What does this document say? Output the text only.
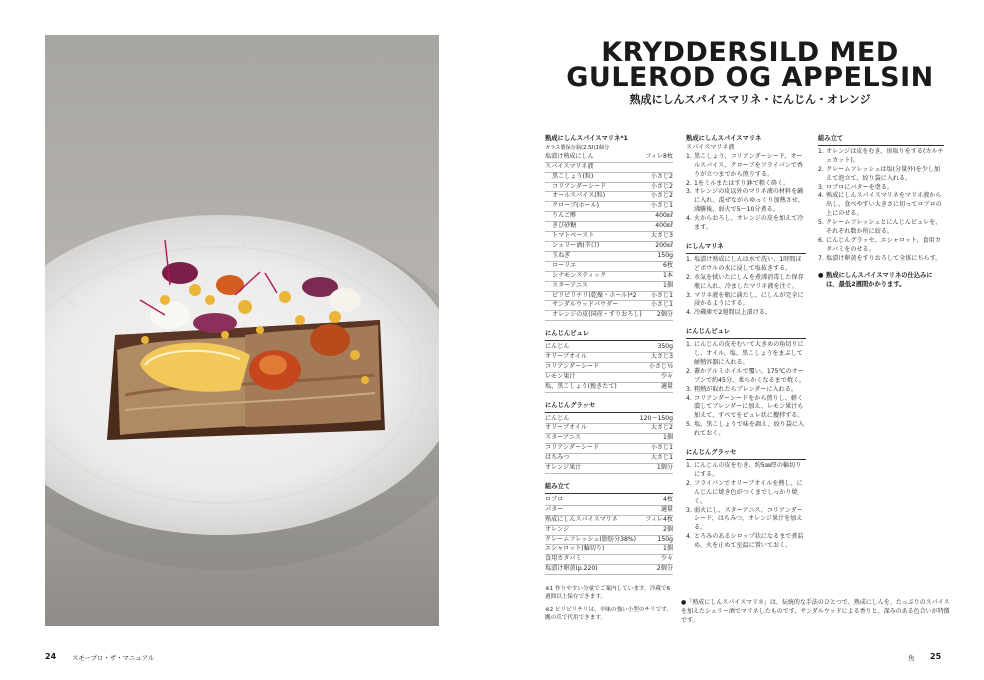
KRYDDERSILD MED
GULEROD OG APPELSIN
熟成にしんスパイスマリネ・にんじん・オレンジ
熟成にしんスパイスマリネ*1
ガラス製保存瓶(2.5ℓ)1個分
塩漬け熟成にしん	フィレ8枚
スパイスマリネ液
黒こしょう(粒)	小さじ2
コリアンダーシード	小さじ2
オールスパイス(粒)	小さじ2
クローブ(ホール)	小さじ1
りんご酢	400㎖
きび砂糖	400㎖
トマトペースト	大さじ3
シェリー酒(辛口)	200㎖
玉ねぎ	150g
ローリエ	6枚
シナモンスティック	1本
スターアニス	1個
ピリピリチリ(乾燥・ホール)*2 小さじ1
サンダルウッドパウダー	小さじ1
オレンジの皮(国産・すりおろし) 2個分
にんじんピュレ
にんじん	350g
オリーブオイル	大さじ3
コリアンダーシード	小さじ½
レモン果汁	少々
塩、黒こしょう(挽きたて)	適量
にんじんグラッセ
にんじん	120〜150g
オリーブオイル	大さじ2
スターアニス	1個
コリアンダーシード	小さじ1
はちみつ	大さじ1
オレンジ果汁	1個分
組み立て
ロブロ	4枚
バター	適量
熟成にしんスパイスマリネ	フィレ4枚
オレンジ	2個
クレームフレッシュ(脂肪分38%)	150g
エシャロット(輪切り)	1個
食用カタバミ	少々
塩漬け卵黄(p.220)	2個分
※1 作りやすい分量でご案内しています。冷蔵で6週間以上保存できます。
※2 ピリピリチリは、辛味の強い小型のチリです。鷹の爪で代用できます。
熟成にしんスパイスマリネ
スパイスマリネ液
1. 黒こしょう、コリアンダーシード、オールスパイス、クローブをフライパンで香りが立つまでから煎りする。
2. 1をミルまたはすり鉢で粗く砕く。
3. オレンジの皮以外のマリネ液の材料を鍋に入れ、混ぜながらゆっくり加熱させ、沸騰後、弱火で5〜10分煮る。
4. 火からおろし、オレンジの皮を加えて冷ます。
にしんマリネ
1. 塩漬け熟成にしんは水で洗い、1時間ほどボウルの水に浸して塩抜きする。
2. 水気を拭いたにしんを煮沸消毒した保存瓶に入れ、冷ましたマリネ液を注ぐ。
3. マリネ液を瓶に満たし、にしんが完全に浸かるようにする。
4. 冷蔵庫で2週間以上漬ける。
にんじんピュレ
1. にんじんの皮をむいて大きめの角切りにし、オイル、塩、黒こしょうをまぶして耐熱容器に入れる。
2. 蓋かアルミホイルで覆い、175℃のオーブンで約45分、柔らかくなるまで焼く。
3. 粗熱が取れたらブレンダーに入れる。
4. コリアンダーシードをから煎りし、軽く潰してブレンダーに加え、レモン果汁も加えて、すべてをピュレ状に攪拌する。
5. 塩、黒こしょうで味を調え、絞り袋に入れておく。
にんじんグラッセ
1. にんじんの皮をむき、約5㎜厚の輪切りにする。
2. フライパンでオリーブオイルを熱し、にんじんに焼き色がつくまでしっかり焼く。
3. 弱火にし、スターアニス、コリアンダーシード、はちみつ、オレンジ果汁を加える。
4. とろみのあるシロップ状になるまで煮詰め、火を止めて室温に置いておく。
組み立て
1. オレンジは皮をむき、房取りをする(カルチェカット)。
2. クレームフレッシュは塩(分量外)を少し加えて泡立て、絞り袋に入れる。
3. ロブロにバターを塗る。
4. 熟成にしんスパイスマリネをマリネ液から出し、食べやすい大きさに切ってロブロの上にのせる。
5. クレームフレッシュとにんじんピュレを、それぞれ数か所に絞る。
6. にんじんグラッセ、エシャロット、食用カタバミをのせる。
7. 塩漬け卵黄をすりおろして全体にちらす。
● 熟成にしんスパイスマリネの仕込みには、最低2週間かかります。
●「熟成にしんスパイスマリネ」は、伝統的な手法のひとつで、熟成にしんを、たっぷりのスパイスを加えたシェリー酒でマリネしたものです。サンダルウッドによる香りと、深みのある色合いが特徴です。
24 スモーブロ・ザ・マニュアル	魚 25
